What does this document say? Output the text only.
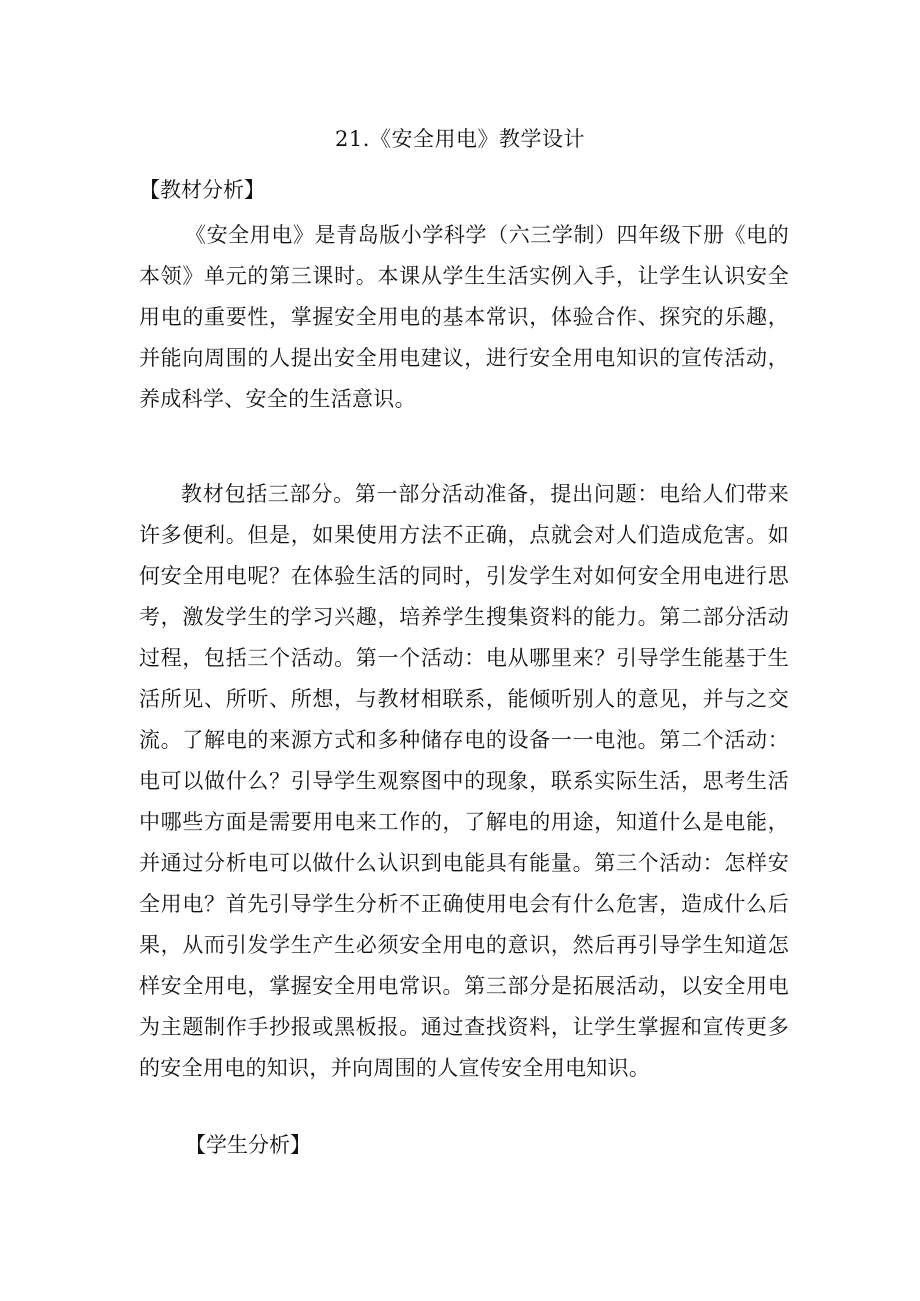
21.《安全用电》教学设计
【教材分析】

《安全用电》是青岛版小学科学（六三学制）四年级下册《电的本领》单元的第三课时。本课从学生生活实例入手，让学生认识安全用电的重要性，掌握安全用电的基本常识，体验合作、探究的乐趣，并能向周围的人提出安全用电建议，进行安全用电知识的宣传活动，养成科学、安全的生活意识。

教材包括三部分。第一部分活动准备，提出问题：电给人们带来许多便利。但是，如果使用方法不正确，点就会对人们造成危害。如何安全用电呢？在体验生活的同时，引发学生对如何安全用电进行思考，激发学生的学习兴趣，培养学生搜集资料的能力。第二部分活动过程，包括三个活动。第一个活动：电从哪里来？引导学生能基于生活所见、所听、所想，与教材相联系，能倾听别人的意见，并与之交流。了解电的来源方式和多种储存电的设备一一电池。第二个活动：电可以做什么？引导学生观察图中的现象，联系实际生活，思考生活中哪些方面是需要用电来工作的，了解电的用途，知道什么是电能，并通过分析电可以做什么认识到电能具有能量。第三个活动：怎样安全用电？首先引导学生分析不正确使用电会有什么危害，造成什么后果，从而引发学生产生必须安全用电的意识，然后再引导学生知道怎样安全用电，掌握安全用电常识。第三部分是拓展活动，以安全用电为主题制作手抄报或黑板报。通过查找资料，让学生掌握和宣传更多的安全用电的知识，并向周围的人宣传安全用电知识。

【学生分析】
